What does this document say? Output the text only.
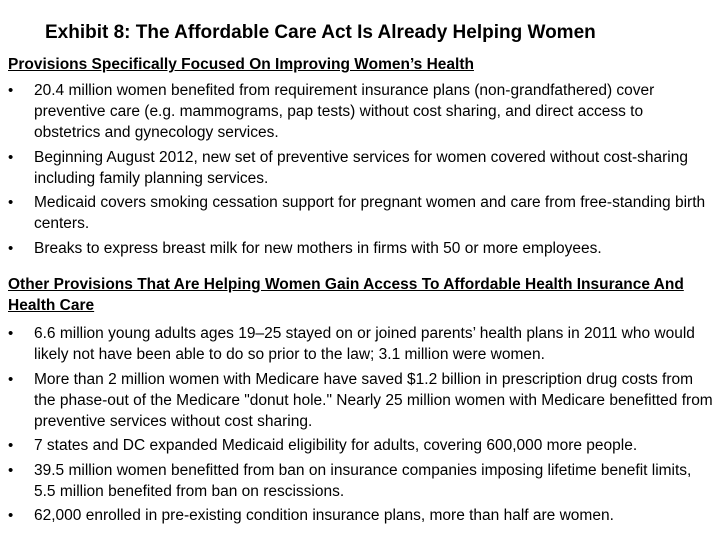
Exhibit 8: The Affordable Care Act Is Already Helping Women
Provisions Specifically Focused On Improving Women’s Health
•	20.4 million women benefited from requirement insurance plans (non-grandfathered) cover preventive care (e.g. mammograms, pap tests) without cost sharing, and direct access to obstetrics and gynecology services.
•	Beginning August 2012, new set of preventive services for women covered without cost-sharing including family planning services.
•	Medicaid covers smoking cessation support for pregnant women and care from free-standing birth centers.
•	Breaks to express breast milk for new mothers in firms with 50 or more employees.
Other Provisions That Are Helping Women Gain Access To Affordable Health Insurance And Health Care
•	6.6 million young adults ages 19–25 stayed on or joined parents’ health plans in 2011 who would likely not have been able to do so prior to the law; 3.1 million were women.
•	More than 2 million women with Medicare have saved $1.2 billion in prescription drug costs from the phase-out of the Medicare "donut hole." Nearly 25 million women with Medicare benefitted from preventive services without cost sharing.
•	7 states and DC expanded Medicaid eligibility for adults, covering 600,000 more people.
•	39.5 million women benefitted from ban on insurance companies imposing lifetime benefit limits, 5.5 million benefited from ban on rescissions.
•	62,000 enrolled in pre-existing condition insurance plans, more than half are women.
